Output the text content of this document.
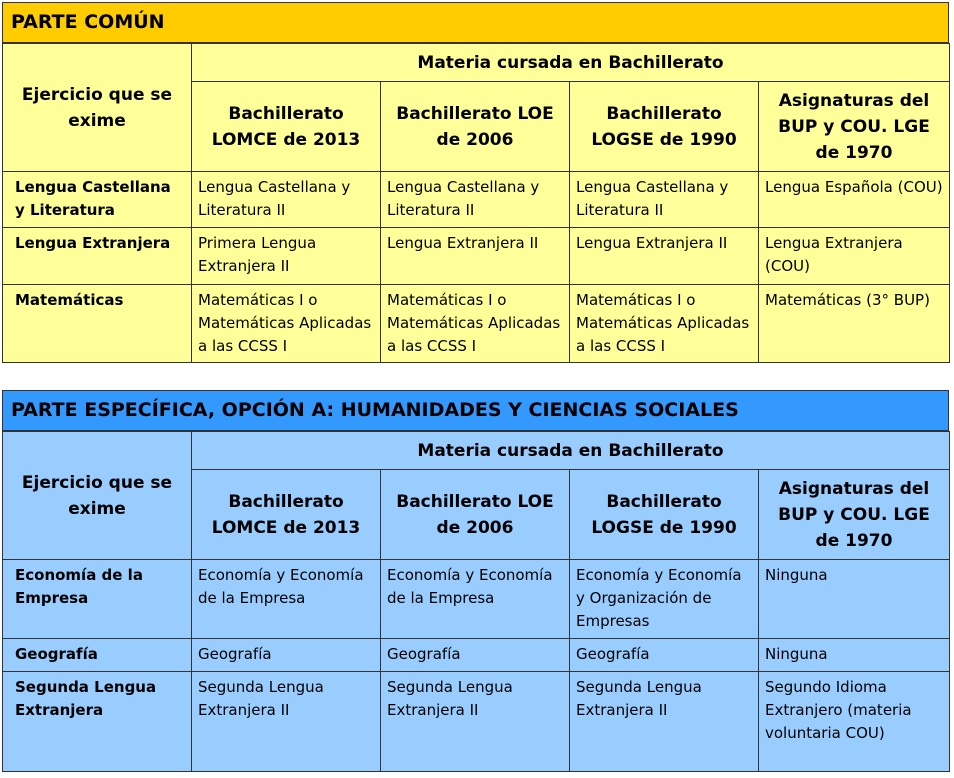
PARTE COMÚN
Ejercicio que se exime	Materia cursada en Bachillerato			
	Bachillerato LOMCE de 2013	Bachillerato LOE de 2006	Bachillerato LOGSE de 1990	Asignaturas del BUP y COU. LGE de 1970
Lengua Castellana y Literatura	Lengua Castellana y Literatura II	Lengua Castellana y Literatura II	Lengua Castellana y Literatura II	Lengua Española (COU)
Lengua Extranjera	Primera Lengua Extranjera II	Lengua Extranjera II	Lengua Extranjera II	Lengua Extranjera (COU)
Matemáticas	Matemáticas I o Matemáticas Aplicadas a las CCSS I	Matemáticas I o Matemáticas Aplicadas a las CCSS I	Matemáticas I o Matemáticas Aplicadas a las CCSS I	Matemáticas (3° BUP)
PARTE ESPECÍFICA, OPCIÓN A: HUMANIDADES Y CIENCIAS SOCIALES
Ejercicio que se exime	Materia cursada en Bachillerato			
	Bachillerato LOMCE de 2013	Bachillerato LOE de 2006	Bachillerato LOGSE de 1990	Asignaturas del BUP y COU. LGE de 1970
Economía de la Empresa	Economía y Economía de la Empresa	Economía y Economía de la Empresa	Economía y Economía y Organización de Empresas	Ninguna
Geografía	Geografía	Geografía	Geografía	Ninguna
Segunda Lengua Extranjera	Segunda Lengua Extranjera II	Segunda Lengua Extranjera II	Segunda Lengua Extranjera II	Segundo Idioma Extranjero (materia voluntaria COU)
